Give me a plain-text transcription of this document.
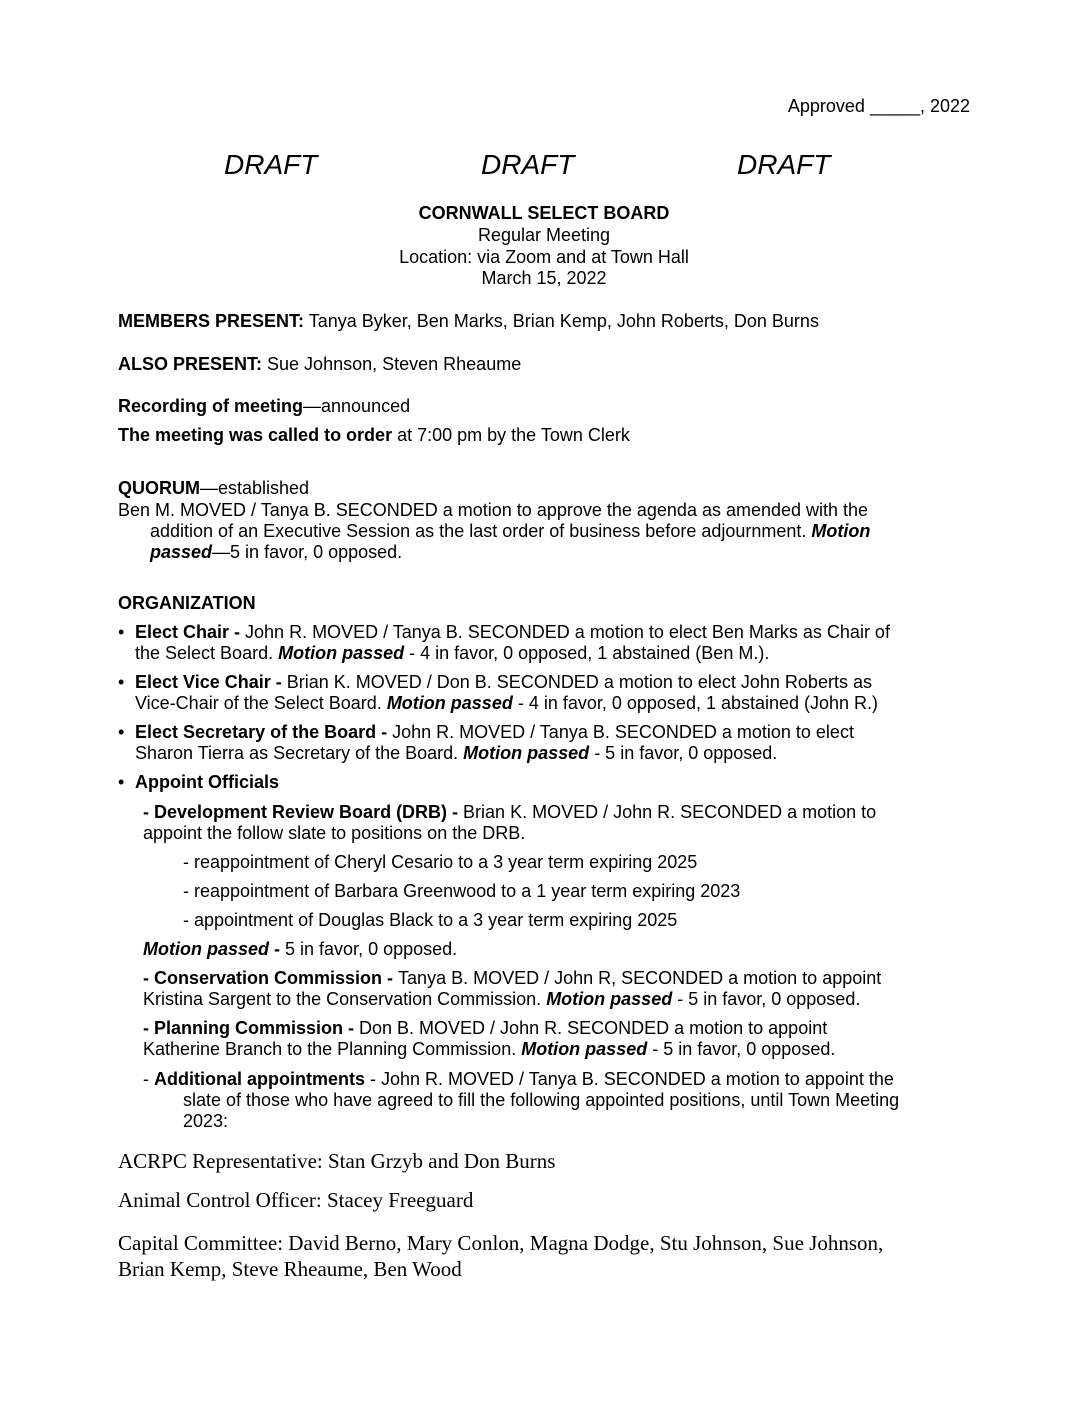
Approved _____, 2022
DRAFT	DRAFT	DRAFT
CORNWALL SELECT BOARD
Regular Meeting
Location: via Zoom and at Town Hall
March 15, 2022
MEMBERS PRESENT: Tanya Byker, Ben Marks, Brian Kemp, John Roberts, Don Burns
ALSO PRESENT: Sue Johnson, Steven Rheaume
Recording of meeting—announced
The meeting was called to order at 7:00 pm by the Town Clerk
QUORUM—established
Ben M. MOVED / Tanya B. SECONDED a motion to approve the agenda as amended with the
addition of an Executive Session as the last order of business before adjournment. Motion
passed—5 in favor, 0 opposed.
ORGANIZATION
• Elect Chair - John R. MOVED / Tanya B. SECONDED a motion to elect Ben Marks as Chair of
the Select Board. Motion passed - 4 in favor, 0 opposed, 1 abstained (Ben M.).
• Elect Vice Chair - Brian K. MOVED / Don B. SECONDED a motion to elect John Roberts as
Vice-Chair of the Select Board. Motion passed - 4 in favor, 0 opposed, 1 abstained (John R.)
• Elect Secretary of the Board - John R. MOVED / Tanya B. SECONDED a motion to elect
Sharon Tierra as Secretary of the Board. Motion passed - 5 in favor, 0 opposed.
• Appoint Officials
- Development Review Board (DRB) - Brian K. MOVED / John R. SECONDED a motion to
appoint the follow slate to positions on the DRB.
- reappointment of Cheryl Cesario to a 3 year term expiring 2025
- reappointment of Barbara Greenwood to a 1 year term expiring 2023
- appointment of Douglas Black to a 3 year term expiring 2025
Motion passed - 5 in favor, 0 opposed.
- Conservation Commission - Tanya B. MOVED / John R, SECONDED a motion to appoint
Kristina Sargent to the Conservation Commission. Motion passed - 5 in favor, 0 opposed.
- Planning Commission - Don B. MOVED / John R. SECONDED a motion to appoint
Katherine Branch to the Planning Commission. Motion passed - 5 in favor, 0 opposed.
- Additional appointments - John R. MOVED / Tanya B. SECONDED a motion to appoint the
slate of those who have agreed to fill the following appointed positions, until Town Meeting
2023:
ACRPC Representative: Stan Grzyb and Don Burns
Animal Control Officer: Stacey Freeguard
Capital Committee: David Berno, Mary Conlon, Magna Dodge, Stu Johnson, Sue Johnson,
Brian Kemp, Steve Rheaume, Ben Wood
